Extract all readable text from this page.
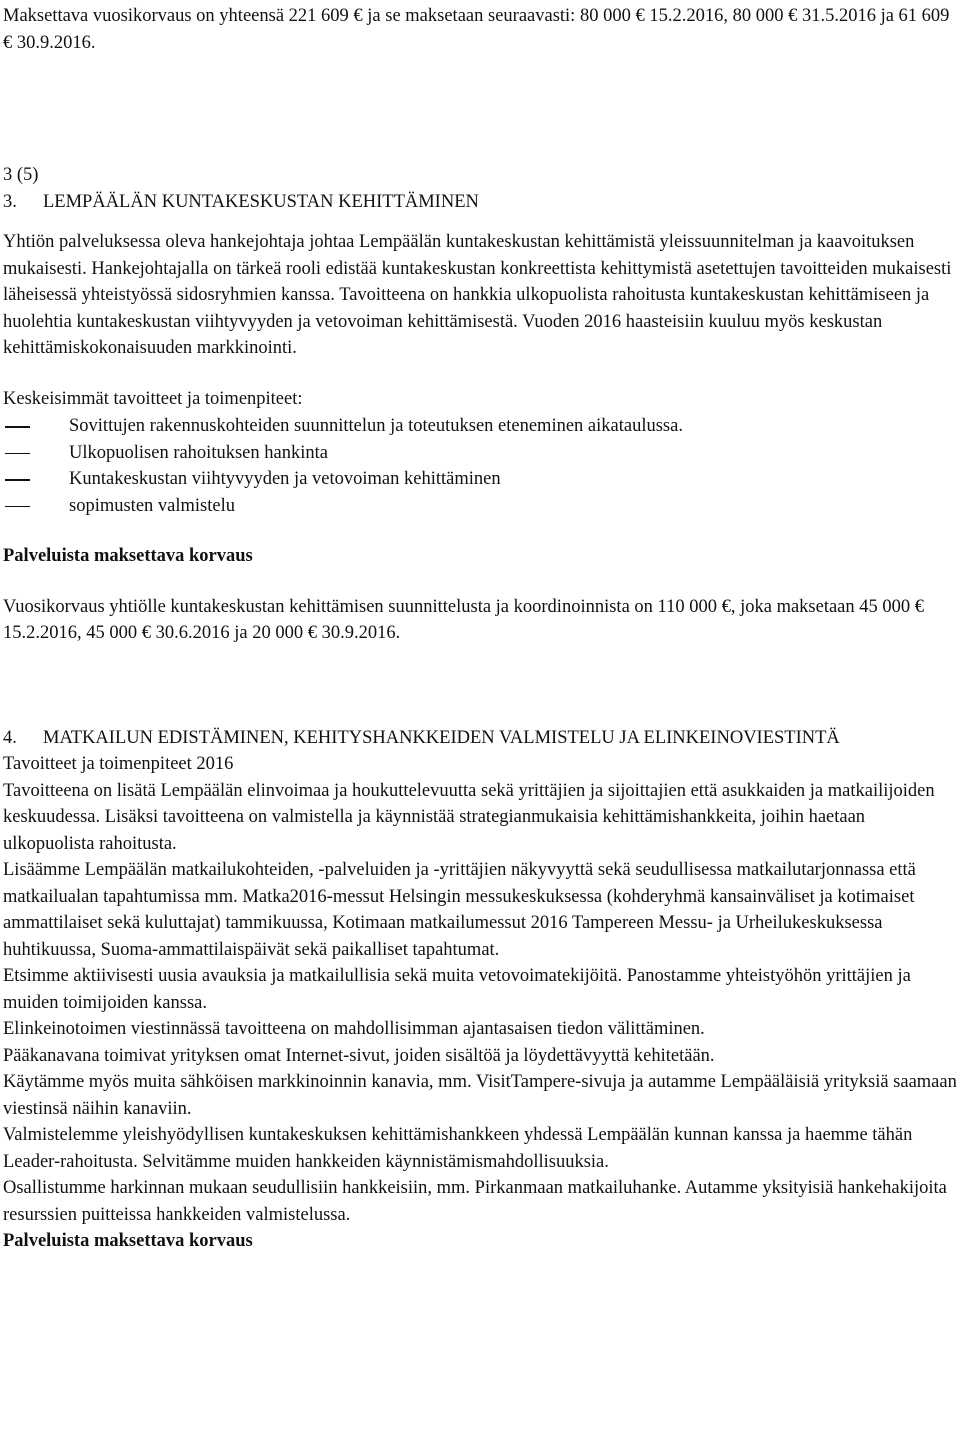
Maksettava vuosikorvaus on yhteensä 221 609 € ja se maksetaan seuraavasti: 80 000 € 15.2.2016, 80 000 € 31.5.2016 ja 61 609 € 30.9.2016.

3 (5)

3.	LEMPÄÄLÄN KUNTAKESKUSTAN KEHITTÄMINEN

Yhtiön palveluksessa oleva hankejohtaja johtaa Lempäälän kuntakeskustan kehittämistä yleissuunnitelman ja kaavoituksen mukaisesti. Hankejohtajalla on tärkeä rooli edistää kuntakeskustan konkreettista kehittymistä asetettujen tavoitteiden mukaisesti läheisessä yhteistyössä sidosryhmien kanssa. Tavoitteena on hankkia ulkopuolista rahoitusta kuntakeskustan kehittämiseen ja huolehtia kuntakeskustan viihtyvyyden ja vetovoiman kehittämisestä. Vuoden 2016 haasteisiin kuuluu myös keskustan kehittämiskokonaisuuden markkinointi.

Keskeisimmät tavoitteet ja toimenpiteet:

Sovittujen rakennuskohteiden suunnittelun ja toteutuksen eteneminen aikataulussa.
Ulkopuolisen rahoituksen hankinta
Kuntakeskustan viihtyvyyden ja vetovoiman kehittäminen
sopimusten valmistelu

Palveluista maksettava korvaus

Vuosikorvaus yhtiölle kuntakeskustan kehittämisen suunnittelusta ja koordinoinnista on 110 000 €, joka maksetaan 45 000 € 15.2.2016, 45 000 € 30.6.2016 ja 20 000 € 30.9.2016.

4.	MATKAILUN EDISTÄMINEN, KEHITYSHANKKEIDEN VALMISTELU JA ELINKEINOVIESTINTÄ

Tavoitteet ja toimenpiteet 2016

Tavoitteena on lisätä Lempäälän elinvoimaa ja houkuttelevuutta sekä yrittäjien ja sijoittajien että asukkaiden ja matkailijoiden keskuudessa. Lisäksi tavoitteena on valmistella ja käynnistää strategianmukaisia kehittämishankkeita, joihin haetaan ulkopuolista rahoitusta.

Lisäämme Lempäälän matkailukohteiden, -palveluiden ja -yrittäjien näkyvyyttä sekä seudullisessa matkailutarjonnassa että matkailualan tapahtumissa mm. Matka2016-messut Helsingin messukeskuksessa (kohderyhmä kansainväliset ja kotimaiset ammattilaiset sekä kuluttajat) tammikuussa, Kotimaan matkailumessut 2016 Tampereen Messu- ja Urheilukeskuksessa huhtikuussa, Suoma-ammattilaispäivät sekä paikalliset tapahtumat.

Etsimme aktiivisesti uusia avauksia ja matkailullisia sekä muita vetovoimatekijöitä. Panostamme yhteistyöhön yrittäjien ja muiden toimijoiden kanssa.

Elinkeinotoimen viestinnässä tavoitteena on mahdollisimman ajantasaisen tiedon välittäminen.

Pääkanavana toimivat yrityksen omat Internet-sivut, joiden sisältöä ja löydettävyyttä kehitetään.

Käytämme myös muita sähköisen markkinoinnin kanavia, mm. VisitTampere-sivuja ja autamme Lempääläisiä yrityksiä saamaan viestinsä näihin kanaviin.

Valmistelemme yleishyödyllisen kuntakeskuksen kehittämishankkeen yhdessä Lempäälän kunnan kanssa ja haemme tähän Leader-rahoitusta. Selvitämme muiden hankkeiden käynnistämismahdollisuuksia.

Osallistumme harkinnan mukaan seudullisiin hankkeisiin, mm. Pirkanmaan matkailuhanke. Autamme yksityisiä hankehakijoita resurssien puitteissa hankkeiden valmistelussa.

Palveluista maksettava korvaus
